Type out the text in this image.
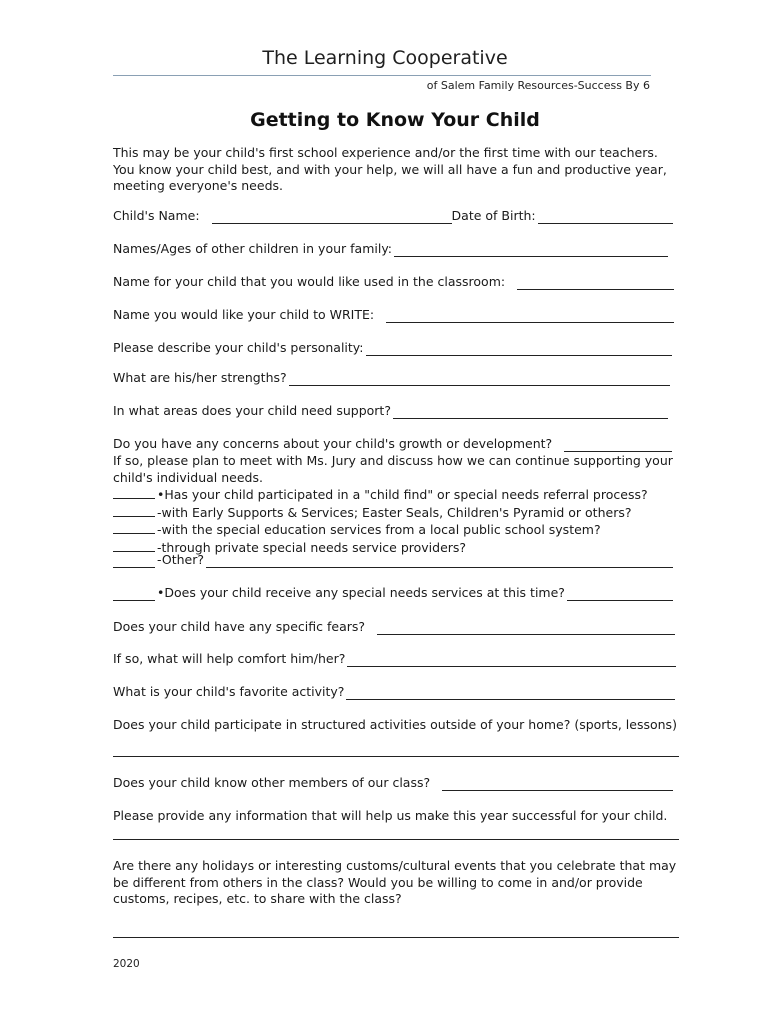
The Learning Cooperative
of Salem Family Resources-Success By 6
Getting to Know Your Child
This may be your child's first school experience and/or the first time with our teachers.
You know your child best, and with your help, we will all have a fun and productive year,
meeting everyone's needs.
Child's Name:	Date of Birth:
Names/Ages of other children in your family:
Name for your child that you would like used in the classroom:
Name you would like your child to WRITE:
Please describe your child's personality:
What are his/her strengths?
In what areas does your child need support?
Do you have any concerns about your child's growth or development?
If so, please plan to meet with Ms. Jury and discuss how we can continue supporting your
child's individual needs.
•Has your child participated in a "child find" or special needs referral process?
-with Early Supports & Services; Easter Seals, Children's Pyramid or others?
-with the special education services from a local public school system?
-through private special needs service providers?
-Other?
•Does your child receive any special needs services at this time?
Does your child have any specific fears?
If so, what will help comfort him/her?
What is your child's favorite activity?
Does your child participate in structured activities outside of your home? (sports, lessons)
Does your child know other members of our class?
Please provide any information that will help us make this year successful for your child.
Are there any holidays or interesting customs/cultural events that you celebrate that may
be different from others in the class? Would you be willing to come in and/or provide
customs, recipes, etc. to share with the class?
2020
